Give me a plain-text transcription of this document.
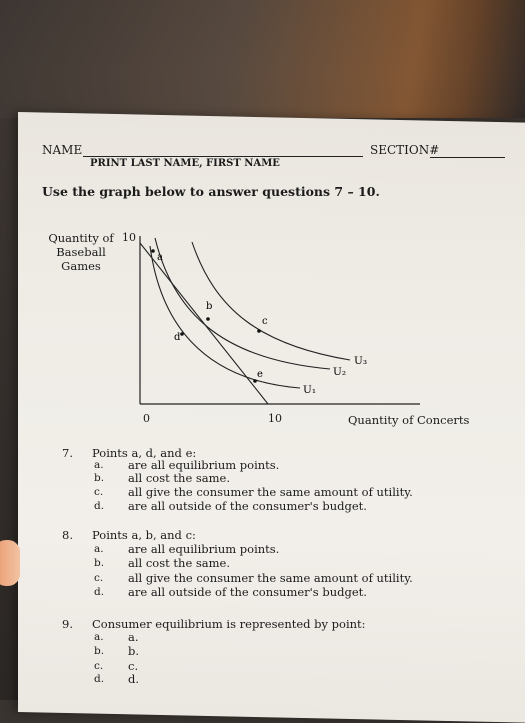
NAME	SECTION#
PRINT LAST NAME, FIRST NAME
Use the graph below to answer questions 7 – 10.
Quantity of Baseball Games
10
0	10	Quantity of Concerts
a
b
c
d
e
U₁
U₂
U₃
7. Points a, d, and e:
a. are all equilibrium points.
b. all cost the same.
c. all give the consumer the same amount of utility.
d. are all outside of the consumer's budget.
8. Points a, b, and c:
a. are all equilibrium points.
b. all cost the same.
c. all give the consumer the same amount of utility.
d. are all outside of the consumer's budget.
9. Consumer equilibrium is represented by point:
a. a.
b. b.
c. c.
d. d.
